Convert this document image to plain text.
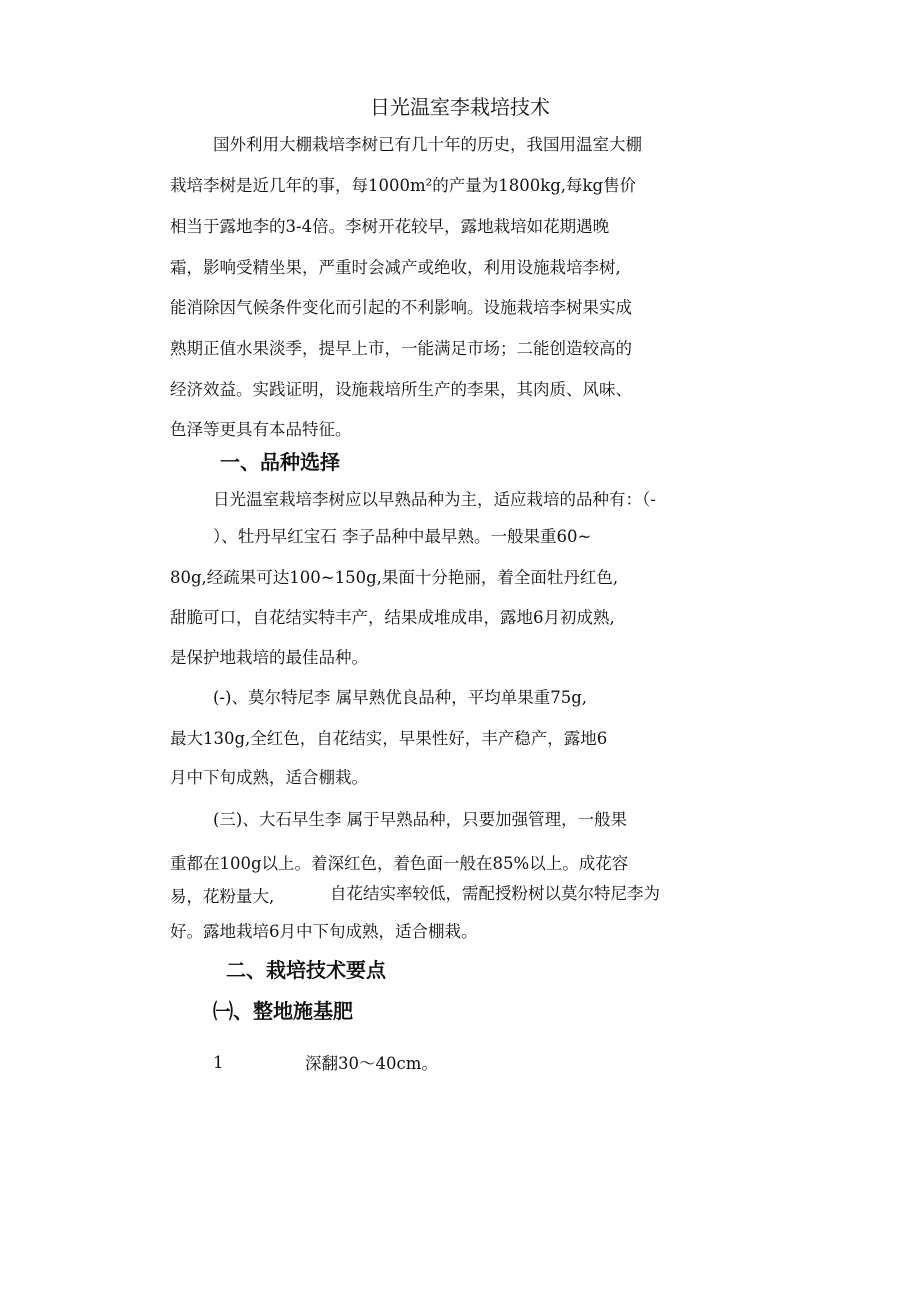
日光温室李栽培技术
国外利用大棚栽培李树已有几十年的历史，我国用温室大棚
栽培李树是近几年的事，每1000m²的产量为1800kg,每kg售价
相当于露地李的3-4倍。李树开花较早，露地栽培如花期遇晚
霜，影响受精坐果，严重时会减产或绝收，利用设施栽培李树,
能消除因气候条件变化而引起的不利影响。设施栽培李树果实成
熟期正值水果淡季，提早上市，一能满足市场；二能创造较高的
经济效益。实践证明，设施栽培所生产的李果，其肉质、风味、
色泽等更具有本品特征。
一、品种选择
日光温室栽培李树应以早熟品种为主，适应栽培的品种有：（-
）、牡丹早红宝石 李子品种中最早熟。一般果重60~
80g,经疏果可达100~150g,果面十分艳丽，着全面牡丹红色,
甜脆可口，自花结实特丰产，结果成堆成串，露地6月初成熟,
是保护地栽培的最佳品种。
(-)、莫尔特尼李 属早熟优良品种，平均单果重75g,
最大130g,全红色，自花结实，早果性好，丰产稳产，露地6
月中下旬成熟，适合棚栽。
(三)、大石早生李 属于早熟品种，只要加强管理，一般果
重都在100g以上。着深红色，着色面一般在85%以上。成花容
易，花粉量大,	自花结实率较低，需配授粉树以莫尔特尼李为
好。露地栽培6月中下旬成熟，适合棚栽。
二、栽培技术要点
㈠、整地施基肥
1	深翻30～40cm。
